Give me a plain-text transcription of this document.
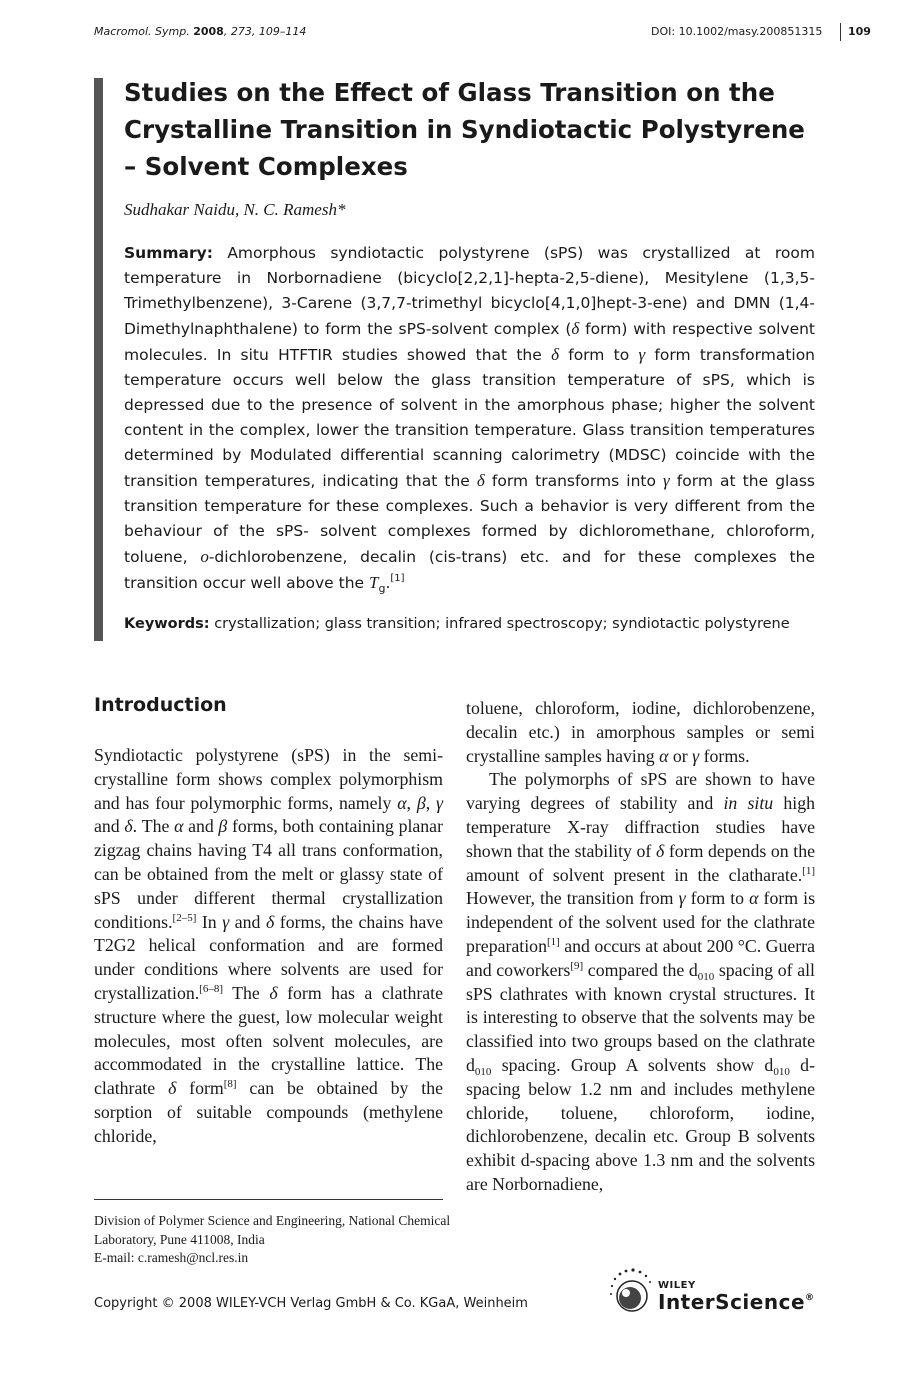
Macromol. Symp. 2008, 273, 109–114	DOI: 10.1002/masy.200851315 109
Studies on the Effect of Glass Transition on the Crystalline Transition in Syndiotactic Polystyrene – Solvent Complexes
Sudhakar Naidu, N. C. Ramesh*
Summary: Amorphous syndiotactic polystyrene (sPS) was crystallized at room temperature in Norbornadiene (bicyclo[2,2,1]-hepta-2,5-diene), Mesitylene (1,3,5-Trimethylbenzene), 3-Carene (3,7,7-trimethyl bicyclo[4,1,0]hept-3-ene) and DMN (1,4-Dimethylnaphthalene) to form the sPS-solvent complex (δ form) with respective solvent molecules. In situ HTFTIR studies showed that the δ form to γ form transformation temperature occurs well below the glass transition temperature of sPS, which is depressed due to the presence of solvent in the amorphous phase; higher the solvent content in the complex, lower the transition temperature. Glass transition temperatures determined by Modulated differential scanning calorimetry (MDSC) coincide with the transition temperatures, indicating that the δ form transforms into γ form at the glass transition temperature for these complexes. Such a behavior is very different from the behaviour of the sPS- solvent complexes formed by dichloromethane, chloroform, toluene, o-dichlorobenzene, decalin (cis-trans) etc. and for these complexes the transition occur well above the $T_g.[1]$
Keywords: crystallization; glass transition; infrared spectroscopy; syndiotactic polystyrene
Introduction

Syndiotactic polystyrene (sPS) in the semi-crystalline form shows complex polymorphism and has four polymorphic forms, namely α, β, γ and δ. The α and β forms, both containing planar zigzag chains having T4 all trans conformation, can be obtained from the melt or glassy state of sPS under different thermal crystallization conditions.[2–5] In γ and δ forms, the chains have T2G2 helical conformation and are formed under conditions where solvents are used for crystallization.[6–8] The δ form has a clathrate structure where the guest, low molecular weight molecules, most often solvent molecules, are accommodated in the crystalline lattice. The clathrate δ form[8] can be obtained by the sorption of suitable compounds (methylene chloride,

toluene, chloroform, iodine, dichlorobenzene, decalin etc.) in amorphous samples or semi crystalline samples having α or γ forms.

The polymorphs of sPS are shown to have varying degrees of stability and in situ high temperature X-ray diffraction studies have shown that the stability of δ form depends on the amount of solvent present in the clatharate.[1] However, the transition from γ form to α form is independent of the solvent used for the clathrate preparation[1] and occurs at about 200 °C. Guerra and coworkers[9] compared the $d_{010}$ spacing of all sPS clathrates with known crystal structures. It is interesting to observe that the solvents may be classified into two groups based on the clathrate $d_{010}$ spacing. Group A solvents show $d_{010}$ d-spacing below 1.2 nm and includes methylene chloride, toluene, chloroform, iodine, dichlorobenzene, decalin etc. Group B solvents exhibit d-spacing above 1.3 nm and the solvents are Norbornadiene,

Division of Polymer Science and Engineering, National Chemical Laboratory, Pune 411008, India
E-mail: c.ramesh@ncl.res.in
Copyright © 2008 WILEY-VCH Verlag GmbH & Co. KGaA, Weinheim
WILEY
InterScience®
